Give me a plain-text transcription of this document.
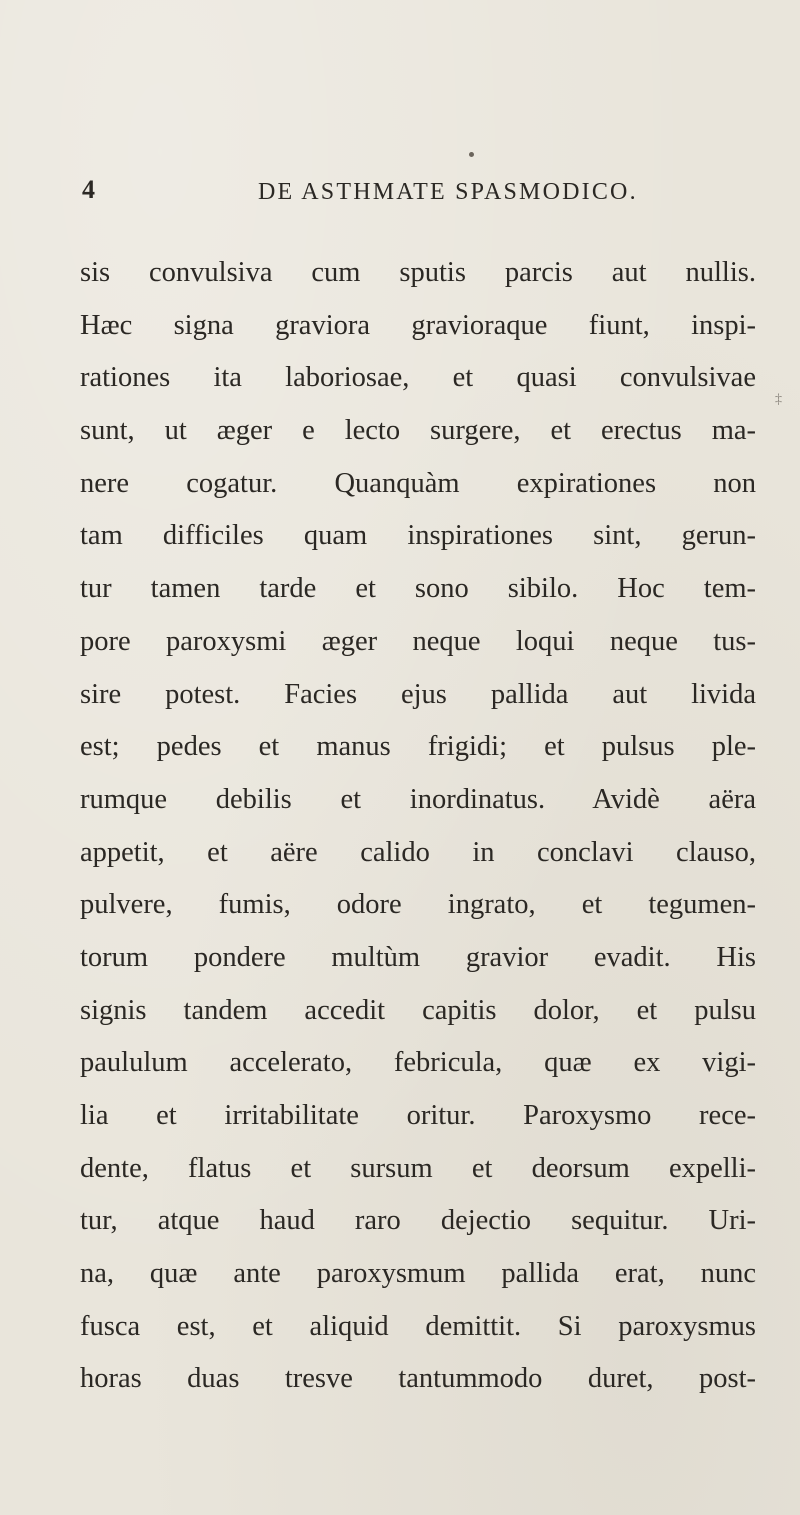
4	DE ASTHMATE SPASMODICO.
‡
sis convulsiva cum sputis parcis aut nullis.
Hæc signa graviora gravioraque fiunt, inspi-
rationes ita laboriosae, et quasi convulsivae
sunt, ut æger e lecto surgere, et erectus ma-
nere cogatur. Quanquàm expirationes non
tam difficiles quam inspirationes sint, gerun-
tur tamen tarde et sono sibilo. Hoc tem-
pore paroxysmi æger neque loqui neque tus-
sire potest. Facies ejus pallida aut livida
est; pedes et manus frigidi; et pulsus ple-
rumque debilis et inordinatus. Avidè aëra
appetit, et aëre calido in conclavi clauso,
pulvere, fumis, odore ingrato, et tegumen-
torum pondere multùm gravior evadit. His
signis tandem accedit capitis dolor, et pulsu
paululum accelerato, febricula, quæ ex vigi-
lia et irritabilitate oritur. Paroxysmo rece-
dente, flatus et sursum et deorsum expelli-
tur, atque haud raro dejectio sequitur. Uri-
na, quæ ante paroxysmum pallida erat, nunc
fusca est, et aliquid demittit. Si paroxysmus
horas duas tresve tantummodo duret, post-
